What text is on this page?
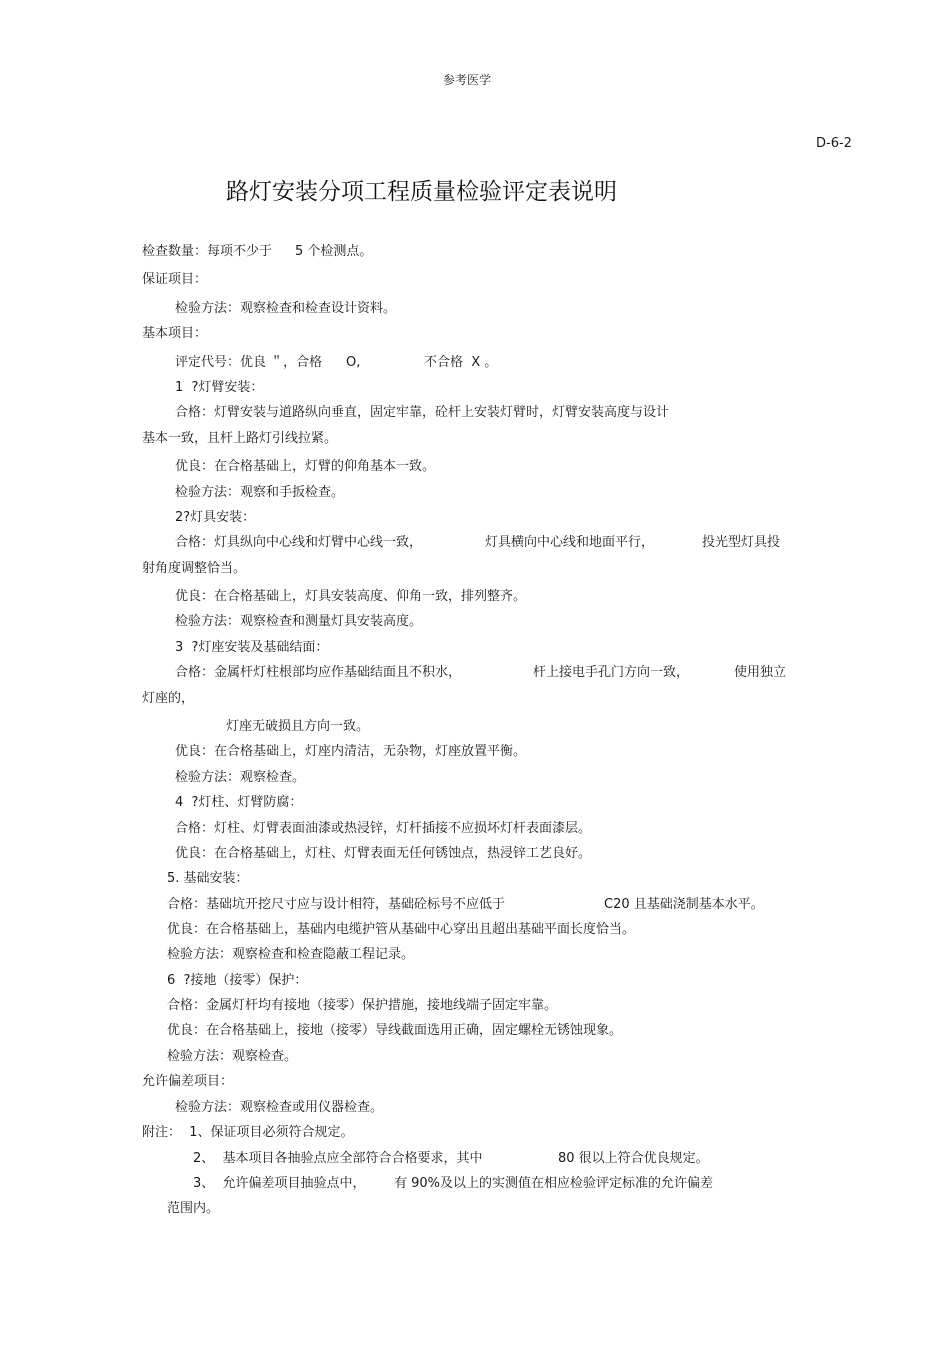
参考医学
D-6-2
路灯安装分项工程质量检验评定表说明
检查数量：每项不少于 5 个检测点。
保证项目：
检验方法：观察检查和检查设计资料。
基本项目：
评定代号：优良 ＂，合格 O,	不合格  X 。
1  ?灯臂安装：
合格：灯臂安装与道路纵向垂直，固定牢靠，砼杆上安装灯臂时，灯臂安装高度与设计
基本一致，且杆上路灯引线拉紧。
优良：在合格基础上，灯臂的仰角基本一致。
检验方法：观察和手扳检查。
2?灯具安装：
合格：灯具纵向中心线和灯臂中心线一致，	灯具横向中心线和地面平行，	投光型灯具投
射角度调整恰当。
优良：在合格基础上，灯具安装高度、仰角一致，排列整齐。
检验方法：观察检查和测量灯具安装高度。
3  ?灯座安装及基础结面：
合格：金属杆灯柱根部均应作基础结面且不积水，	杆上接电手孔门方向一致，	使用独立
灯座的，
灯座无破损且方向一致。
优良：在合格基础上，灯座内清洁，无杂物，灯座放置平衡。
检验方法：观察检查。
4  ?灯柱、灯臂防腐：
合格：灯柱、灯臂表面油漆或热浸锌，灯杆插接不应损坏灯杆表面漆层。
优良：在合格基础上，灯柱、灯臂表面无任何锈蚀点，热浸锌工艺良好。
5. 基础安装：
合格：基础坑开挖尺寸应与设计相符，基础砼标号不应低于	C20 且基础浇制基本水平。
优良：在合格基础上，基础内电缆护管从基础中心穿出且超出基础平面长度恰当。
检验方法：观察检查和检查隐蔽工程记录。
6  ?接地（接零）保护：
合格：金属灯杆均有接地（接零）保护措施，接地线端子固定牢靠。
优良：在合格基础上，接地（接零）导线截面选用正确，固定螺栓无锈蚀现象。
检验方法：观察检查。
允许偏差项目：
检验方法：观察检查或用仪器检查。
附注：  1、保证项目必须符合规定。
2、  基本项目各抽验点应全部符合合格要求，其中	80 很以上符合优良规定。
3、  允许偏差项目抽验点中， 有 90%及以上的实测值在相应检验评定标准的允许偏差
范围内。
